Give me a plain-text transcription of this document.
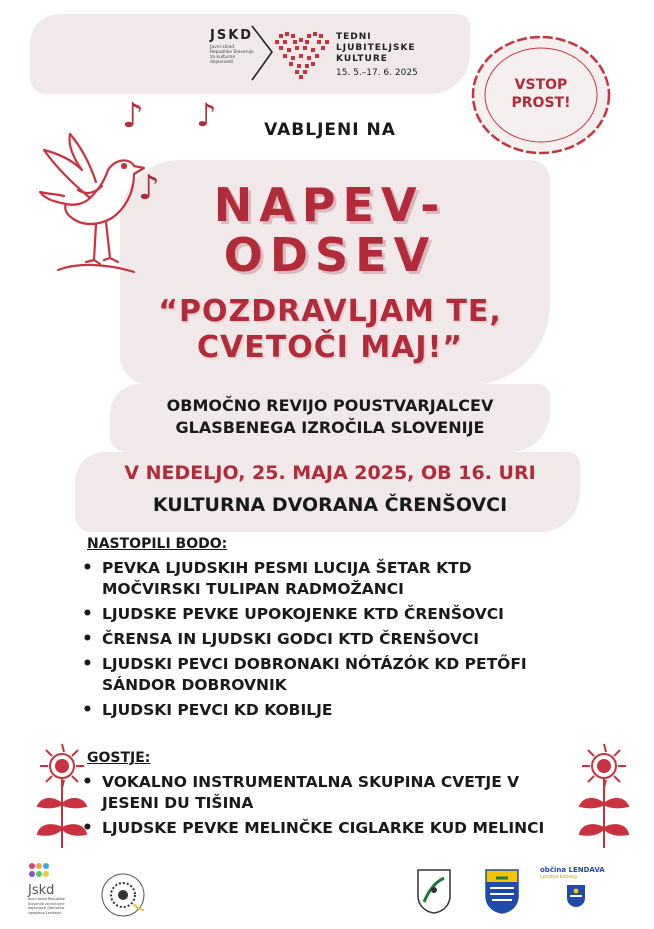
JSKD
Javni sklad Republike Slovenije za kulturne dejavnosti
TEDNI LJUBITELJSKE KULTURE
15. 5.–17. 6. 2025
VSTOP PROST!
♪ ♪
♪
VABLJENI NA
NAPEV-
ODSEV
“POZDRAVLJAM TE, CVETOČI MAJ!”
OBMOČNO REVIJO POUSTVARJALCEV
GLASBENEGA IZROČILA SLOVENIJE
V NEDELJO, 25. MAJA 2025, OB 16. URI
KULTURNA DVORANA ČRENŠOVCI
NASTOPILI BODO:
• PEVKA LJUDSKIH PESMI LUCIJA ŠETAR KTD MOČVIRSKI TULIPAN RADMOŽANCI
• LJUDSKE PEVKE UPOKOJENKE KTD ČRENŠOVCI
• ČRENSA IN LJUDSKI GODCI KTD ČRENŠOVCI
• LJUDSKI PEVCI DOBRONAKI NÓTÁZÓK KD PETŐFI SÁNDOR DOBROVNIK
• LJUDSKI PEVCI KD KOBILJE
GOSTJE:
• VOKALNO INSTRUMENTALNA SKUPINA CVETJE V JESENI DU TIŠINA
• LJUDSKE PEVKE MELINČKE CIGLARKE KUD MELINCI
Jskd
Javni sklad Republike Slovenije za kulturne dejavnosti Območna izpostava Lendava
občina LENDAVA
Lendva község
